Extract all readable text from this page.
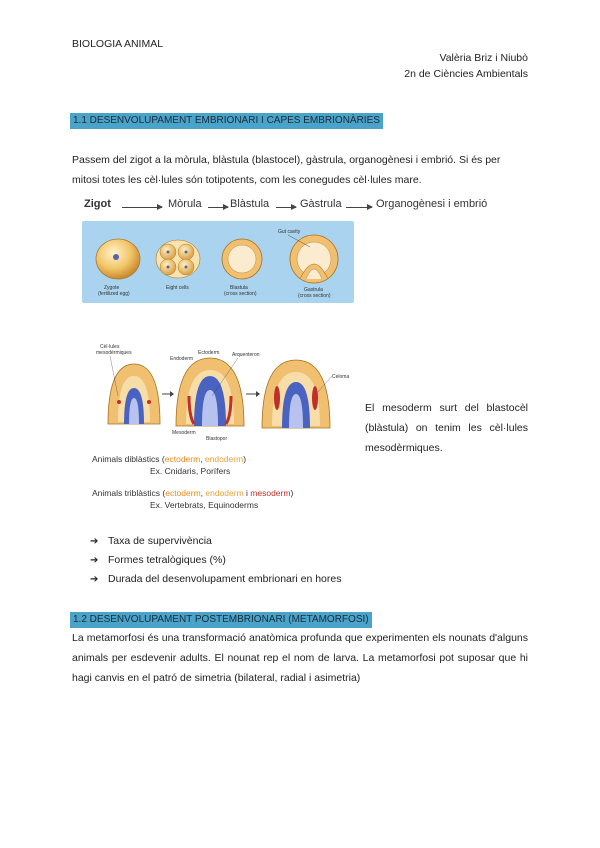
BIOLOGIA ANIMAL
Valèria Briz i Niubò
2n de Ciències Ambientals
1.1 DESENVOLUPAMENT EMBRIONARI I CAPES EMBRIONÀRIES
Passem del zigot a la mòrula, blàstula (blastocel), gàstrula, organogènesi i embrió. Si és per
mitosi totes les cèl·lules són totipotents, com les conegudes cèl·lules mare.
Zigot	Mòrula	Blàstula	Gàstrula	Organogènesi i embrió
Gut cavity
Zygote
(fertilized egg)
Eight cells	Blastula
(cross section)
Gastrula
(cross section)
Cèl·lules
mesodèrmiques
Endoderm
Ectoderm	Arquenteron
Celoma
Mesoderm
Blastopor
Animals diblàstics (ectoderm, endoderm)
Ex. Cnidaris, Porífers
Animals triblàstics (ectoderm, endoderm i mesoderm)
Ex. Vertebrats, Equinoderms
El mesoderm surt del blastocèl (blàstula) on tenim les cèl·lules mesodèrmiques.
➔ Taxa de supervivència
➔ Formes tetralògiques (%)
➔ Durada del desenvolupament embrionari en hores
1.2 DESENVOLUPAMENT POSTEMBRIONARI (METAMORFOSI)
La metamorfosi és una transformació anatòmica profunda que experimenten els nounats d'alguns animals per esdevenir adults. El nounat rep el nom de larva. La metamorfosi pot suposar que hi hagi canvis en el patró de simetria (bilateral, radial i asimetria)
